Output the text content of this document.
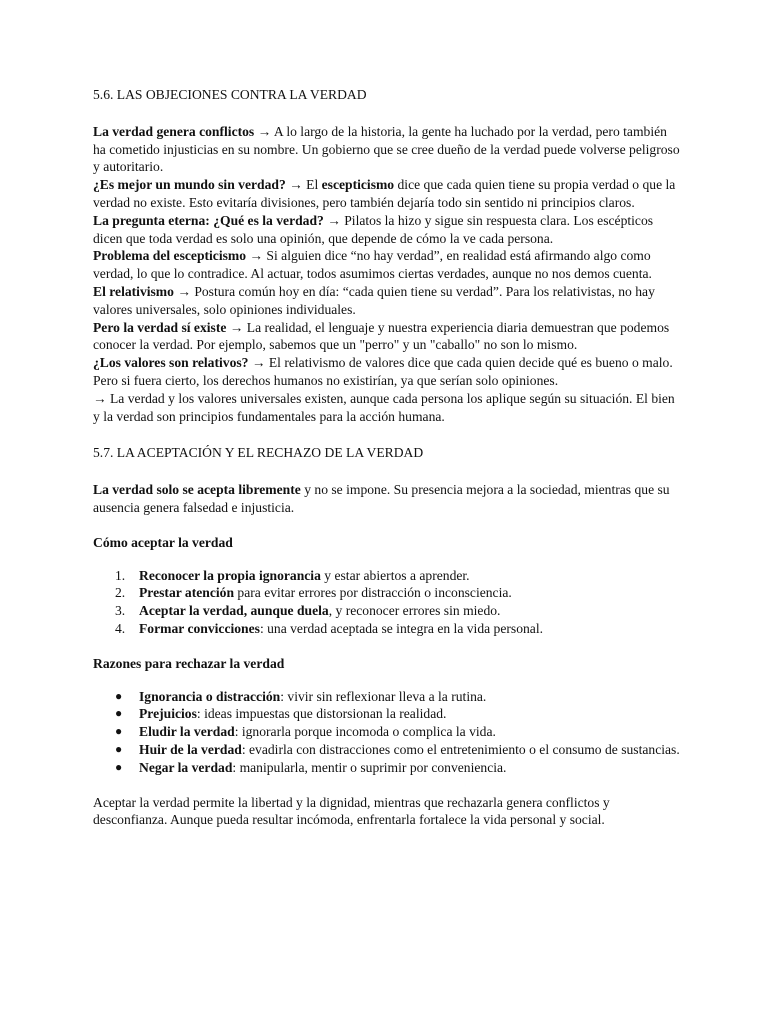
5.6. LAS OBJECIONES CONTRA LA VERDAD

La verdad genera conflictos → A lo largo de la historia, la gente ha luchado por la verdad, pero también ha cometido injusticias en su nombre. Un gobierno que se cree dueño de la verdad puede volverse peligroso y autoritario.

¿Es mejor un mundo sin verdad? → El escepticismo dice que cada quien tiene su propia verdad o que la verdad no existe. Esto evitaría divisiones, pero también dejaría todo sin sentido ni principios claros.

La pregunta eterna: ¿Qué es la verdad? → Pilatos la hizo y sigue sin respuesta clara. Los escépticos dicen que toda verdad es solo una opinión, que depende de cómo la ve cada persona.

Problema del escepticismo → Si alguien dice “no hay verdad”, en realidad está afirmando algo como verdad, lo que lo contradice. Al actuar, todos asumimos ciertas verdades, aunque no nos demos cuenta.

El relativismo → Postura común hoy en día: “cada quien tiene su verdad”. Para los relativistas, no hay valores universales, solo opiniones individuales.

Pero la verdad sí existe → La realidad, el lenguaje y nuestra experiencia diaria demuestran que podemos conocer la verdad. Por ejemplo, sabemos que un "perro" y un "caballo" no son lo mismo.

¿Los valores son relativos? → El relativismo de valores dice que cada quien decide qué es bueno o malo. Pero si fuera cierto, los derechos humanos no existirían, ya que serían solo opiniones.

→ La verdad y los valores universales existen, aunque cada persona los aplique según su situación. El bien y la verdad son principios fundamentales para la acción humana.

5.7. LA ACEPTACIÓN Y EL RECHAZO DE LA VERDAD

La verdad solo se acepta libremente y no se impone. Su presencia mejora a la sociedad, mientras que su ausencia genera falsedad e injusticia.

Cómo aceptar la verdad

1. Reconocer la propia ignorancia y estar abiertos a aprender.
2. Prestar atención para evitar errores por distracción o inconsciencia.
3. Aceptar la verdad, aunque duela, y reconocer errores sin miedo.
4. Formar convicciones: una verdad aceptada se integra en la vida personal.

Razones para rechazar la verdad

● Ignorancia o distracción: vivir sin reflexionar lleva a la rutina.
● Prejuicios: ideas impuestas que distorsionan la realidad.
● Eludir la verdad: ignorarla porque incomoda o complica la vida.
● Huir de la verdad: evadirla con distracciones como el entretenimiento o el consumo de sustancias.
● Negar la verdad: manipularla, mentir o suprimir por conveniencia.

Aceptar la verdad permite la libertad y la dignidad, mientras que rechazarla genera conflictos y desconfianza. Aunque pueda resultar incómoda, enfrentarla fortalece la vida personal y social.
